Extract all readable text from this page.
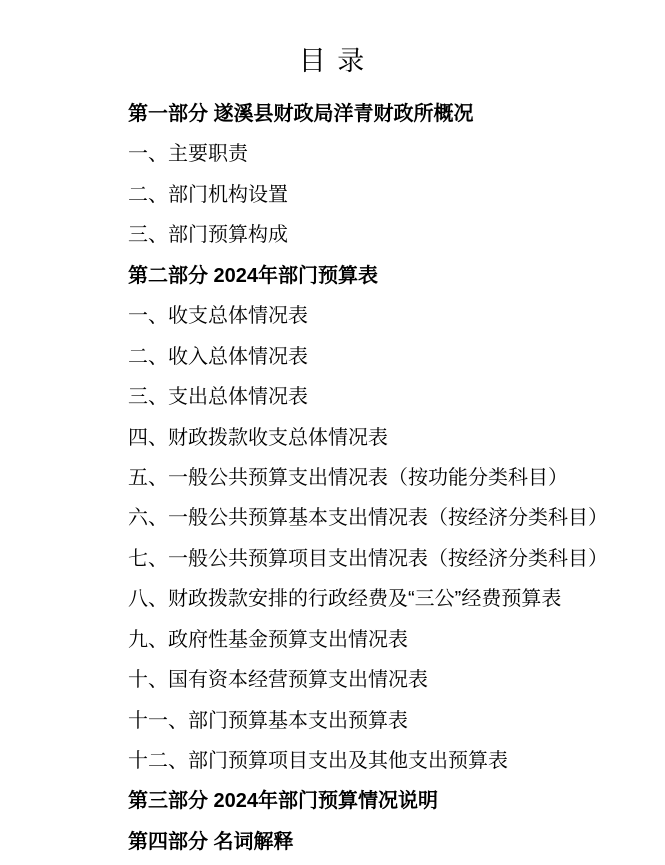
目 录
第一部分 遂溪县财政局洋青财政所概况
一、主要职责
二、部门机构设置
三、部门预算构成
第二部分 2024年部门预算表
一、收支总体情况表
二、收入总体情况表
三、支出总体情况表
四、财政拨款收支总体情况表
五、一般公共预算支出情况表（按功能分类科目）
六、一般公共预算基本支出情况表（按经济分类科目）
七、一般公共预算项目支出情况表（按经济分类科目）
八、财政拨款安排的行政经费及“三公”经费预算表
九、政府性基金预算支出情况表
十、国有资本经营预算支出情况表
十一、部门预算基本支出预算表
十二、部门预算项目支出及其他支出预算表
第三部分 2024年部门预算情况说明
第四部分 名词解释
